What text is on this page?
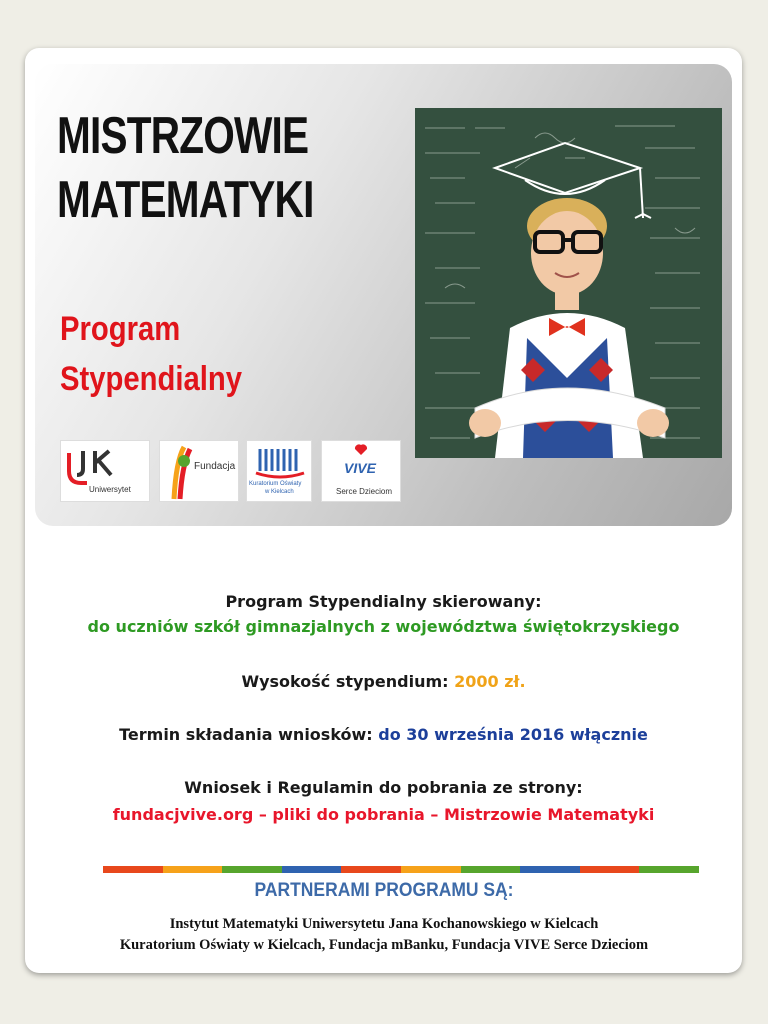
MISTRZOWIE
MATEMATYKI
Program
Stypendialny
Uniwersytet
Fundacja
Kuratorium Oświaty
w Kielcach
VIVE
Serce Dzieciom
Program Stypendialny skierowany:
do uczniów szkół gimnazjalnych z województwa świętokrzyskiego
Wysokość stypendium: 2000 zł.
Termin składania wniosków: do 30 września 2016 włącznie
Wniosek i Regulamin do pobrania ze strony:
fundacjvive.org – pliki do pobrania – Mistrzowie Matematyki
PARTNERAMI PROGRAMU SĄ:
Instytut Matematyki Uniwersytetu Jana Kochanowskiego w Kielcach
Kuratorium Oświaty w Kielcach, Fundacja mBanku, Fundacja VIVE Serce Dzieciom
